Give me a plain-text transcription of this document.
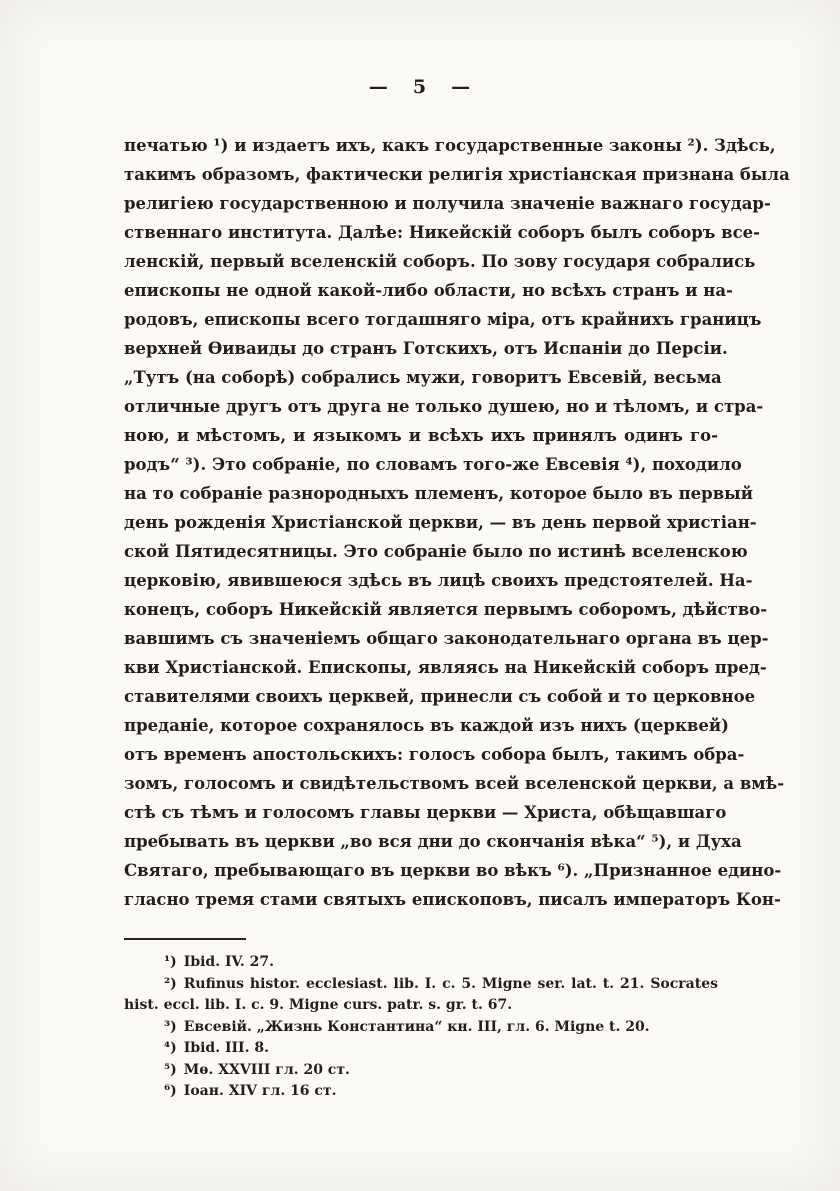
— 5 —
печатью ¹) и издаетъ ихъ, какъ государственные законы ²). Здѣсь,
такимъ образомъ, фактически религія христіанская признана была
религіею государственною и получила значеніе важнаго государ-
ственнаго института. Далѣе: Никейскій соборъ былъ соборъ все-
ленскій, первый вселенскій соборъ. По зову государя собрались
епископы не одной какой-либо области, но всѣхъ странъ и на-
родовъ, епископы всего тогдашняго міра, отъ крайнихъ границъ
верхней Ѳиваиды до странъ Готскихъ, отъ Испаніи до Персіи.
„Тутъ (на соборѣ) собрались мужи, говоритъ Евсевій, весьма
отличные другъ отъ друга не только душею, но и тѣломъ, и стра-
ною, и мѣстомъ, и языкомъ и всѣхъ ихъ принялъ одинъ го-
родъ“ ³). Это собраніе, по словамъ того-же Евсевія ⁴), походило
на то собраніе разнородныхъ племенъ, которое было въ первый
день рожденія Христіанской церкви, — въ день первой христіан-
ской Пятидесятницы. Это собраніе было по истинѣ вселенскою
церковію, явившеюся здѣсь въ лицѣ своихъ предстоятелей. На-
конецъ, соборъ Никейскій является первымъ соборомъ, дѣйство-
вавшимъ съ значеніемъ общаго законодательнаго органа въ цер-
кви Христіанской. Епископы, являясь на Никейскій соборъ пред-
ставителями своихъ церквей, принесли съ собой и то церковное
преданіе, которое сохранялось въ каждой изъ нихъ (церквей)
отъ временъ апостольскихъ: голосъ собора былъ, такимъ обра-
зомъ, голосомъ и свидѣтельствомъ всей вселенской церкви, а вмѣ-
стѣ съ тѣмъ и голосомъ главы церкви — Христа, обѣщавшаго
пребывать въ церкви „во вся дни до скончанія вѣка“ ⁵), и Духа
Святаго, пребывающаго въ церкви во вѣкъ ⁶). „Признанное едино-
гласно тремя стами святыхъ епископовъ, писалъ императоръ Кон-
¹) Ibid. IV. 27.
²) Rufinus histor. ecclesiast. lib. I. c. 5. Migne ser. lat. t. 21. Socrates hist. eccl. lib. I. c. 9. Migne curs. patr. s. gr. t. 67.
³) Евсевій. „Жизнь Константина“ кн. III, гл. 6. Migne t. 20.
⁴) Ibid. III. 8.
⁵) Мѳ. XXVIII гл. 20 ст.
⁶) Іоан. XIV гл. 16 ст.
